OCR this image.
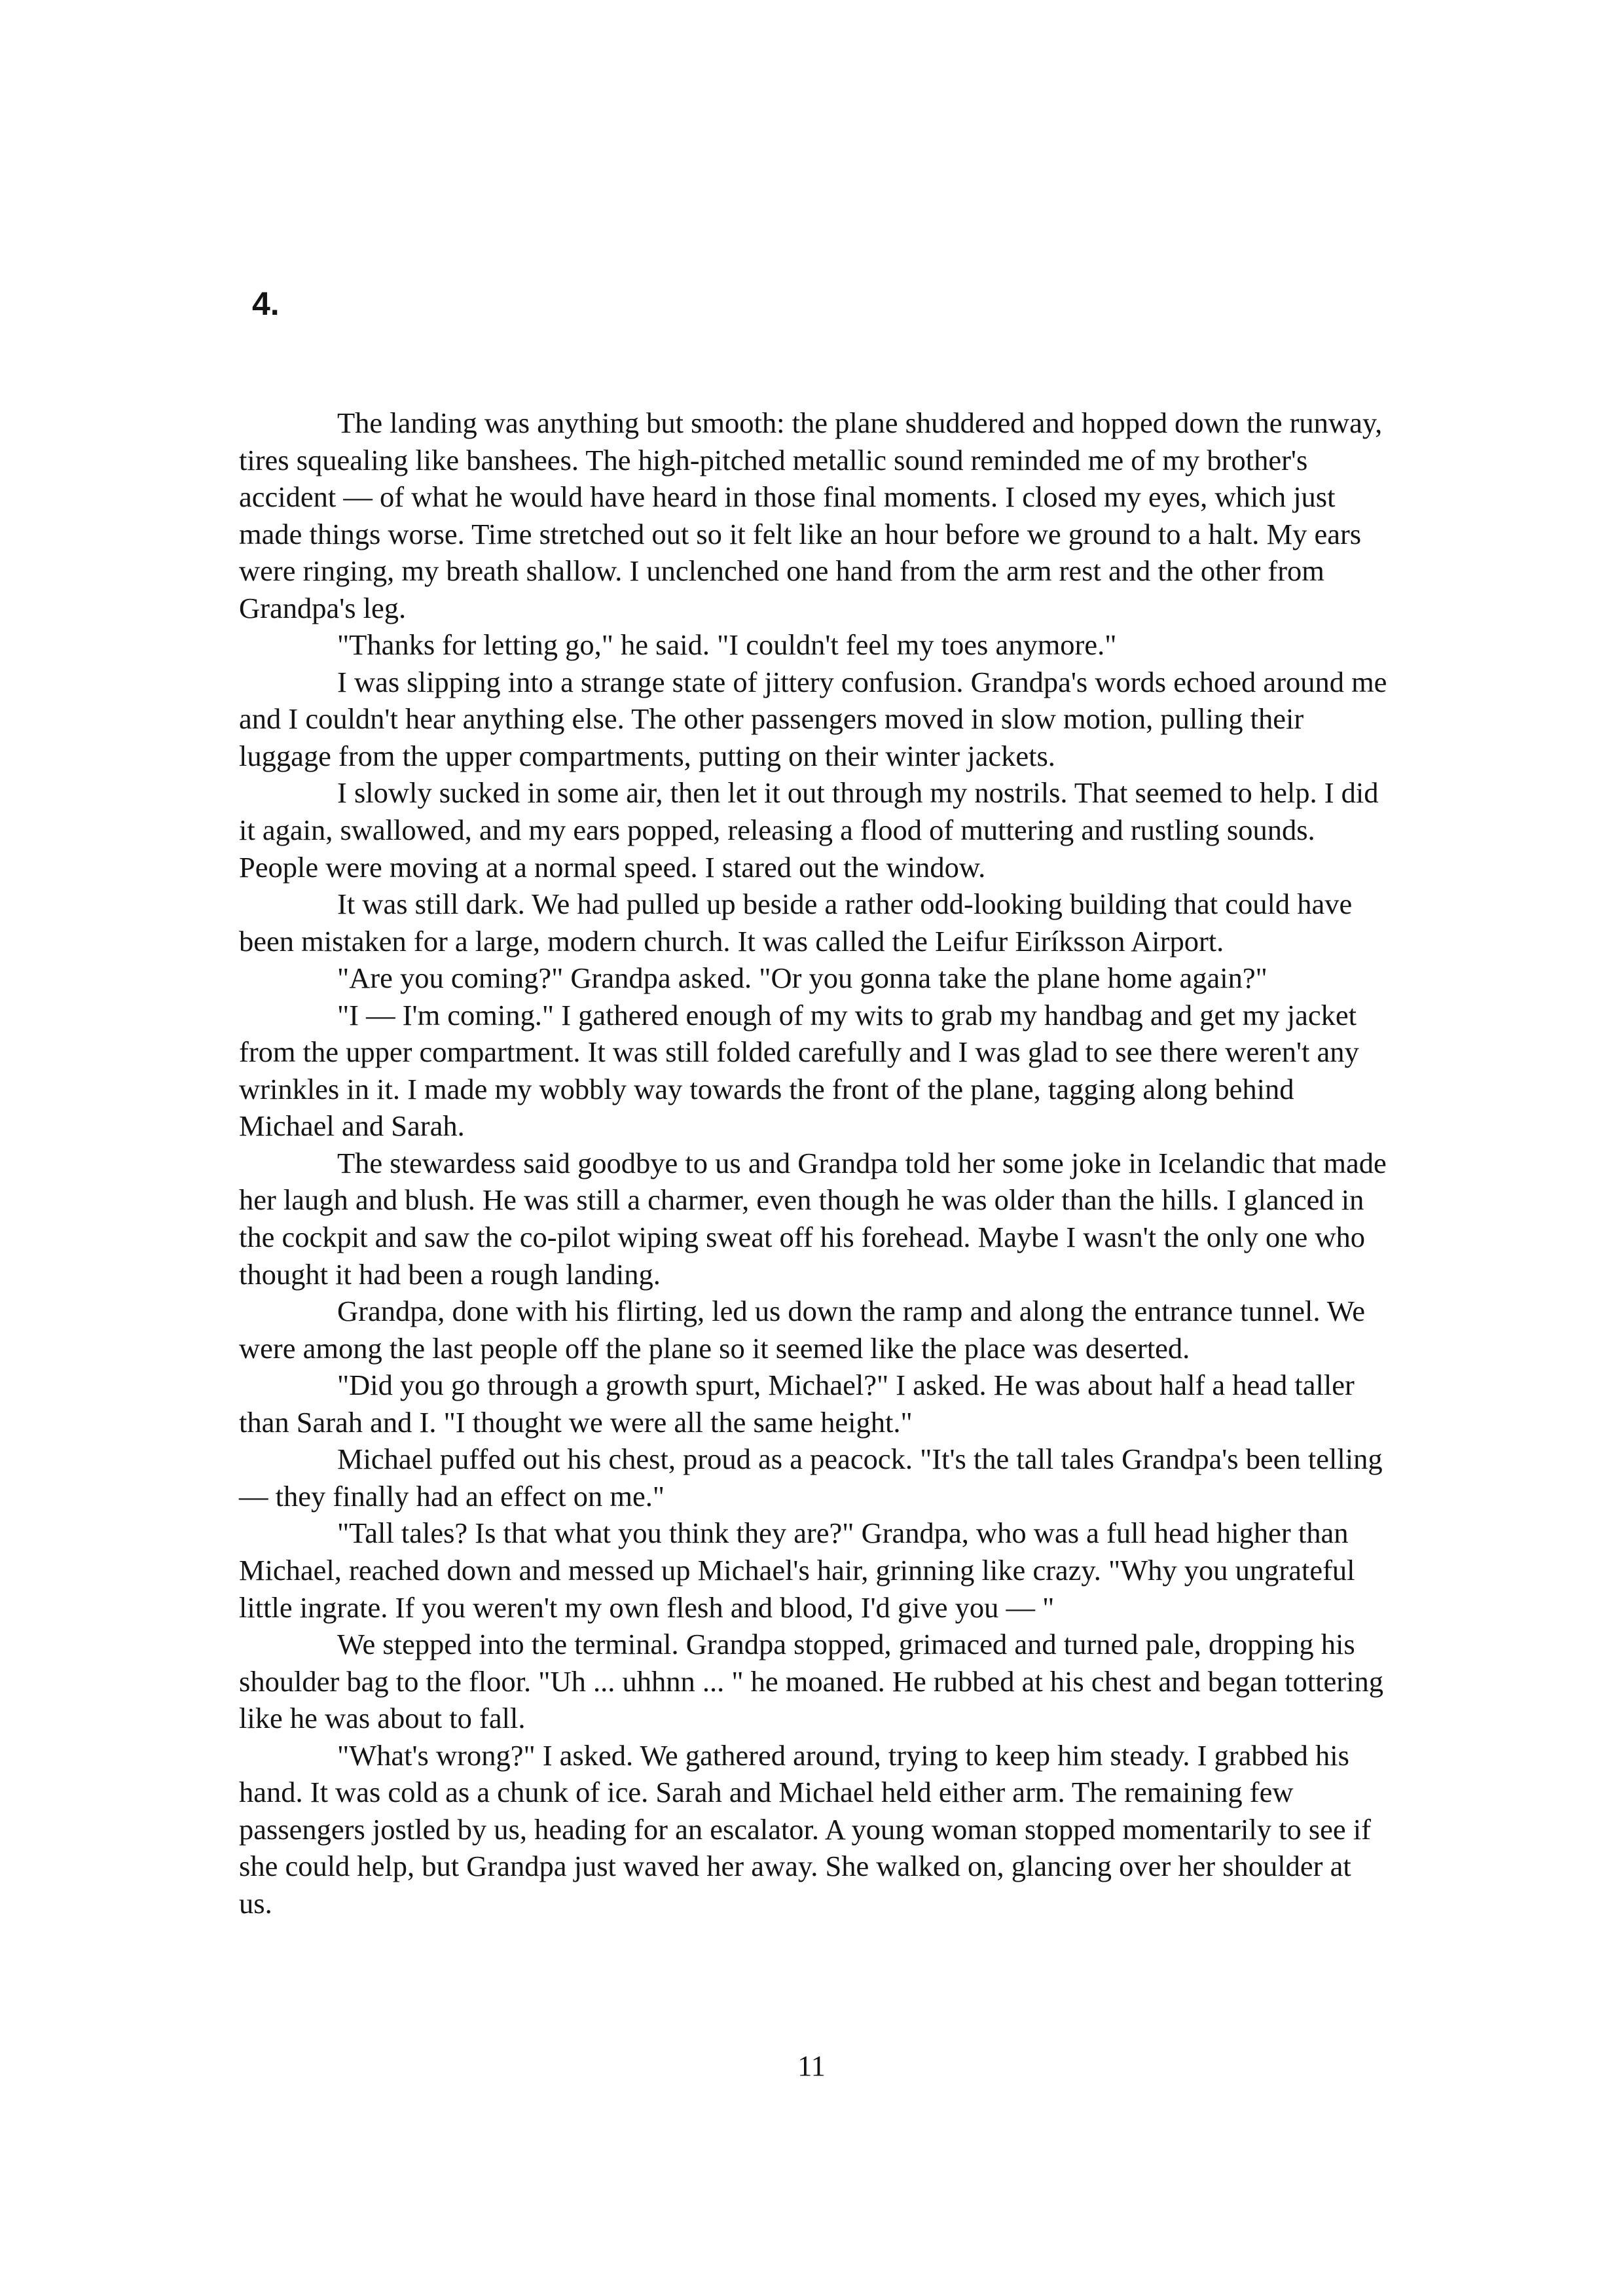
4.

The landing was anything but smooth: the plane shuddered and hopped down the runway, tires squealing like banshees. The high-pitched metallic sound reminded me of my brother's accident — of what he would have heard in those final moments. I closed my eyes, which just made things worse. Time stretched out so it felt like an hour before we ground to a halt. My ears were ringing, my breath shallow. I unclenched one hand from the arm rest and the other from Grandpa's leg.

"Thanks for letting go," he said. "I couldn't feel my toes anymore."

I was slipping into a strange state of jittery confusion. Grandpa's words echoed around me and I couldn't hear anything else. The other passengers moved in slow motion, pulling their luggage from the upper compartments, putting on their winter jackets.

I slowly sucked in some air, then let it out through my nostrils. That seemed to help. I did it again, swallowed, and my ears popped, releasing a flood of muttering and rustling sounds. People were moving at a normal speed. I stared out the window.

It was still dark. We had pulled up beside a rather odd-looking building that could have been mistaken for a large, modern church. It was called the Leifur Eiríksson Airport.

"Are you coming?" Grandpa asked. "Or you gonna take the plane home again?"

"I — I'm coming." I gathered enough of my wits to grab my handbag and get my jacket from the upper compartment. It was still folded carefully and I was glad to see there weren't any wrinkles in it. I made my wobbly way towards the front of the plane, tagging along behind Michael and Sarah.

The stewardess said goodbye to us and Grandpa told her some joke in Icelandic that made her laugh and blush. He was still a charmer, even though he was older than the hills. I glanced in the cockpit and saw the co-pilot wiping sweat off his forehead. Maybe I wasn't the only one who thought it had been a rough landing.

Grandpa, done with his flirting, led us down the ramp and along the entrance tunnel. We were among the last people off the plane so it seemed like the place was deserted.

"Did you go through a growth spurt, Michael?" I asked. He was about half a head taller than Sarah and I. "I thought we were all the same height."

Michael puffed out his chest, proud as a peacock. "It's the tall tales Grandpa's been telling — they finally had an effect on me."

"Tall tales? Is that what you think they are?" Grandpa, who was a full head higher than Michael, reached down and messed up Michael's hair, grinning like crazy. "Why you ungrateful little ingrate. If you weren't my own flesh and blood, I'd give you — "

We stepped into the terminal. Grandpa stopped, grimaced and turned pale, dropping his shoulder bag to the floor. "Uh ... uhhnn ... " he moaned. He rubbed at his chest and began tottering like he was about to fall.

"What's wrong?" I asked. We gathered around, trying to keep him steady. I grabbed his hand. It was cold as a chunk of ice. Sarah and Michael held either arm. The remaining few passengers jostled by us, heading for an escalator. A young woman stopped momentarily to see if she could help, but Grandpa just waved her away. She walked on, glancing over her shoulder at us.

11
